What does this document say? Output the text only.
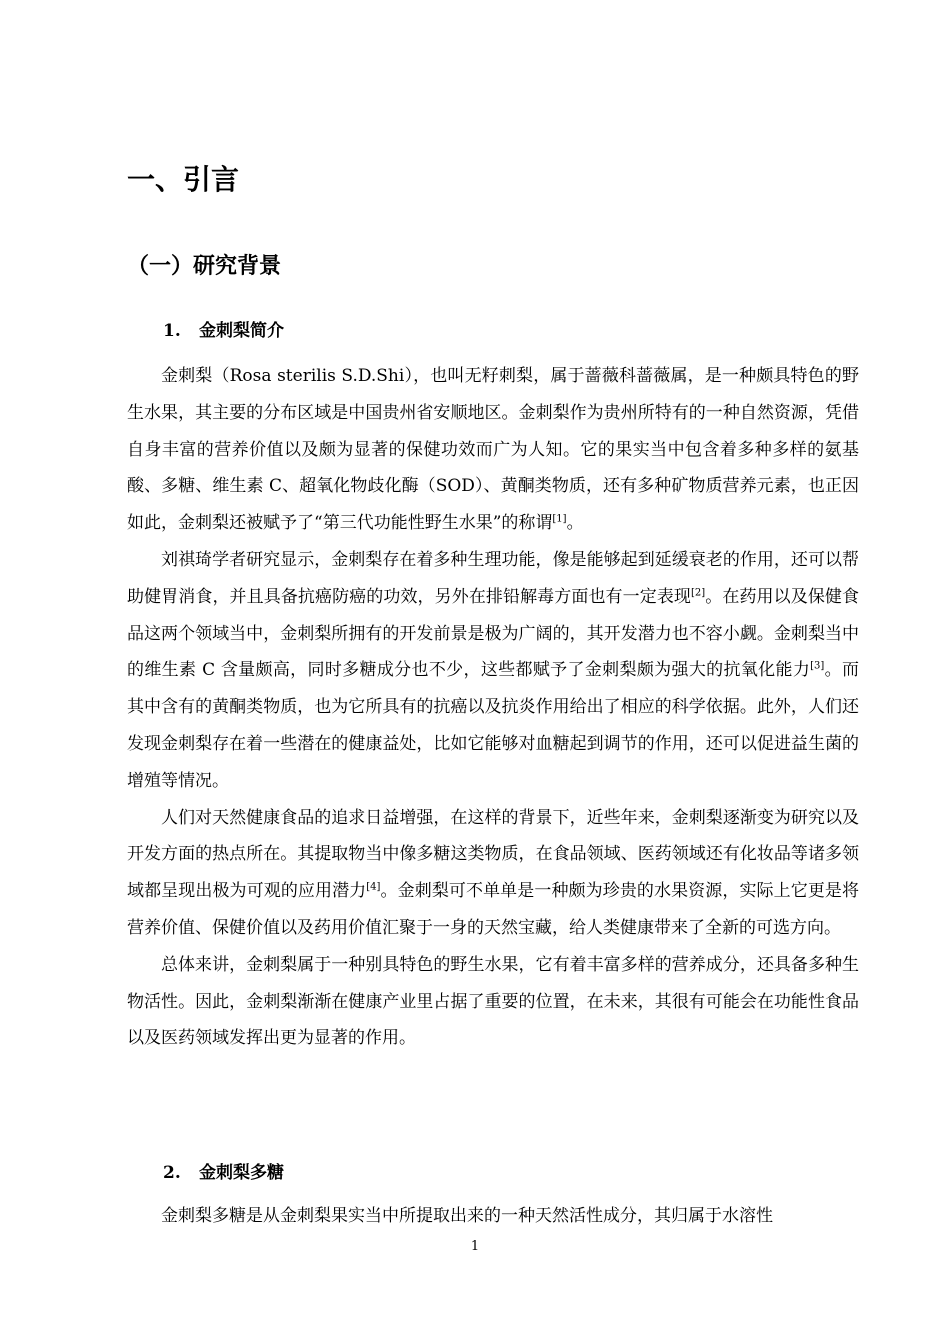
一、引言
（一）研究背景
1. 金刺梨简介

金刺梨（Rosa sterilis S.D.Shi），也叫无籽刺梨，属于蔷薇科蔷薇属，是一种颇具特色的野生水果，其主要的分布区域是中国贵州省安顺地区。金刺梨作为贵州所特有的一种自然资源，凭借自身丰富的营养价值以及颇为显著的保健功效而广为人知。它的果实当中包含着多种多样的氨基酸、多糖、维生素 C、超氧化物歧化酶（SOD）、黄酮类物质，还有多种矿物质营养元素，也正因如此，金刺梨还被赋予了“第三代功能性野生水果”的称谓[1]。

刘祺琦学者研究显示，金刺梨存在着多种生理功能，像是能够起到延缓衰老的作用，还可以帮助健胃消食，并且具备抗癌防癌的功效，另外在排铅解毒方面也有一定表现[2]。在药用以及保健食品这两个领域当中，金刺梨所拥有的开发前景是极为广阔的，其开发潜力也不容小觑。金刺梨当中的维生素 C 含量颇高，同时多糖成分也不少，这些都赋予了金刺梨颇为强大的抗氧化能力[3]。而其中含有的黄酮类物质，也为它所具有的抗癌以及抗炎作用给出了相应的科学依据。此外，人们还发现金刺梨存在着一些潜在的健康益处，比如它能够对血糖起到调节的作用，还可以促进益生菌的增殖等情况。

人们对天然健康食品的追求日益增强，在这样的背景下，近些年来，金刺梨逐渐变为研究以及开发方面的热点所在。其提取物当中像多糖这类物质，在食品领域、医药领域还有化妆品等诸多领域都呈现出极为可观的应用潜力[4]。金刺梨可不单单是一种颇为珍贵的水果资源，实际上它更是将营养价值、保健价值以及药用价值汇聚于一身的天然宝藏，给人类健康带来了全新的可选方向。

总体来讲，金刺梨属于一种别具特色的野生水果，它有着丰富多样的营养成分，还具备多种生物活性。因此，金刺梨渐渐在健康产业里占据了重要的位置，在未来，其很有可能会在功能性食品以及医药领域发挥出更为显著的作用。

2. 金刺梨多糖

金刺梨多糖是从金刺梨果实当中所提取出来的一种天然活性成分，其归属于水溶性

1
